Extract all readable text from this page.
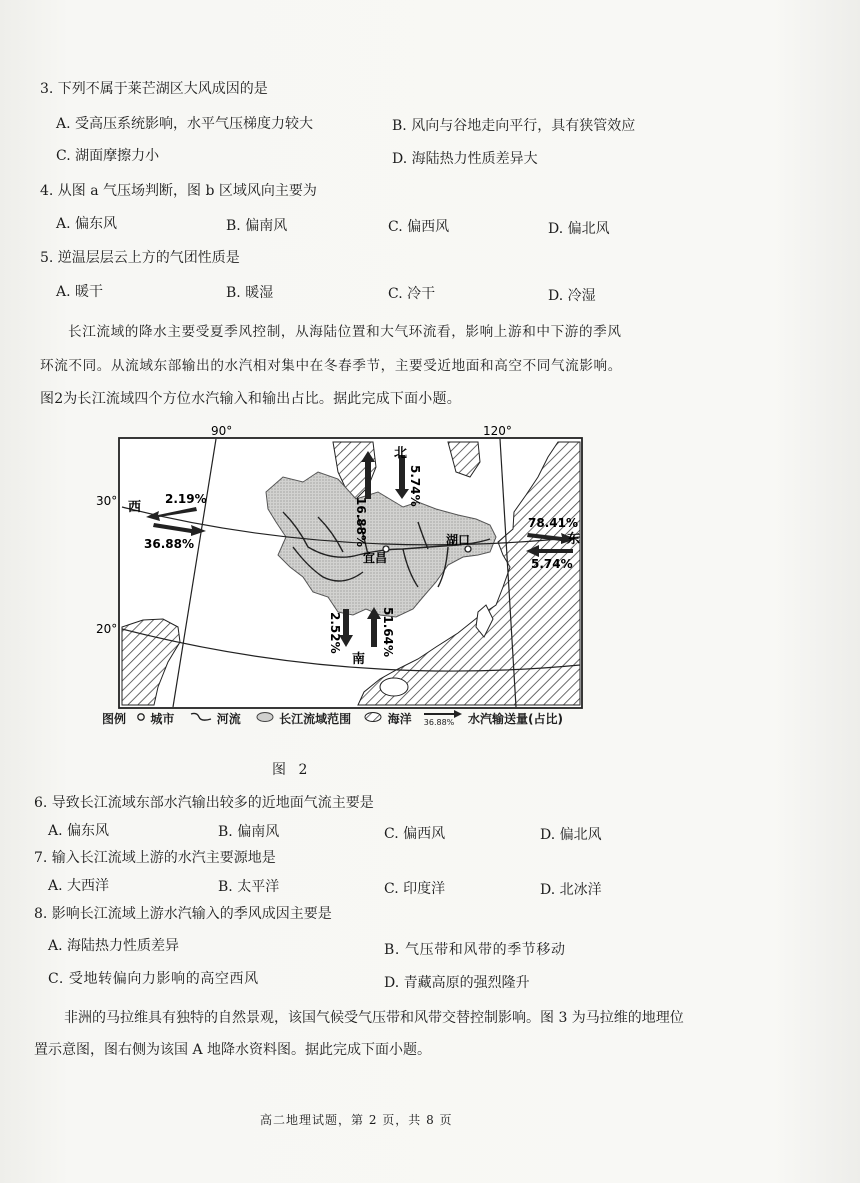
3. 下列不属于莱芒湖区大风成因的是
A. 受高压系统影响，水平气压梯度力较大	B. 风向与谷地走向平行，具有狭管效应
C. 湖面摩擦力小	D. 海陆热力性质差异大
4. 从图 a 气压场判断，图 b 区域风向主要为
A. 偏东风	B. 偏南风	C. 偏西风	D. 偏北风
5. 逆温层层云上方的气团性质是
A. 暖干	B. 暖湿	C. 冷干	D. 冷湿
长江流域的降水主要受夏季风控制，从海陆位置和大气环流看，影响上游和中下游的季风
环流不同。从流域东部输出的水汽相对集中在冬春季节，主要受近地面和高空不同气流影响。
图2为长江流域四个方位水汽输入和输出占比。据此完成下面小题。
宜昌
湖口
90°	120°
16.88%
5.74%
北
2.19%
36.88%
西
30°
78.41%
5.74%
东
2.52%	51.64%
南
20°
图例 城市	河流	长江流域范围	海洋 36.88% 水汽输送量(占比)
图 2
6. 导致长江流域东部水汽输出较多的近地面气流主要是
A. 偏东风	B. 偏南风	C. 偏西风	D. 偏北风
7. 输入长江流域上游的水汽主要源地是
A. 大西洋	B. 太平洋	C. 印度洋	D. 北冰洋
8. 影响长江流域上游水汽输入的季风成因主要是
A. 海陆热力性质差异	B. 气压带和风带的季节移动
C. 受地转偏向力影响的高空西风	D. 青藏高原的强烈隆升
非洲的马拉维具有独特的自然景观，该国气候受气压带和风带交替控制影响。图 3 为马拉维的地理位
置示意图，图右侧为该国 A 地降水资料图。据此完成下面小题。
高二地理试题，第 2 页，共 8 页
